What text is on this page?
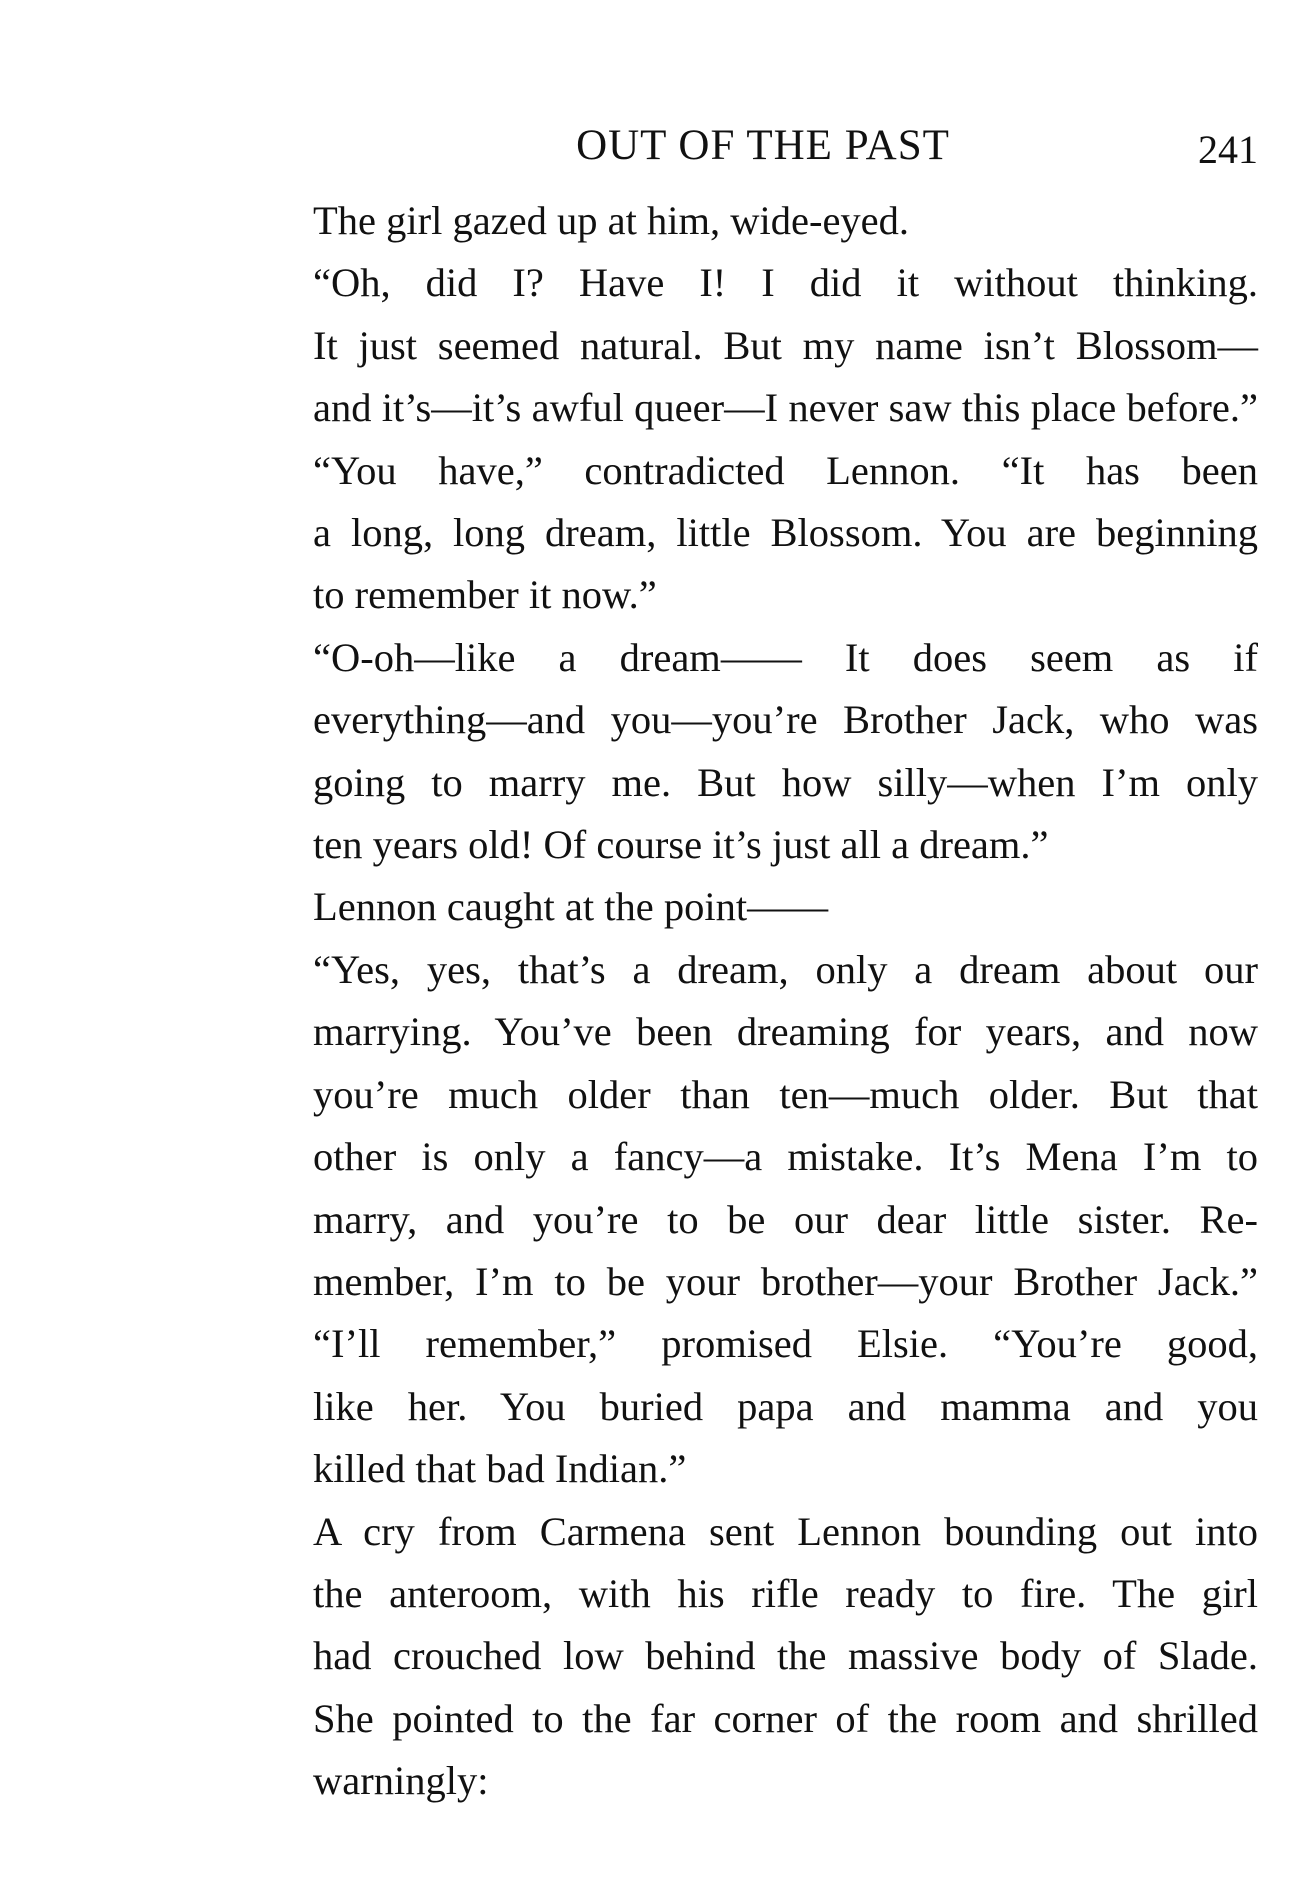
OUT OF THE PAST	241

The girl gazed up at him, wide-eyed.

“Oh, did I? Have I! I did it without thinking.
It just seemed natural. But my name isn’t Blossom—
and it’s—it’s awful queer—I never saw this place before.”

“You have,” contradicted Lennon. “It has been
a long, long dream, little Blossom. You are beginning
to remember it now.”

“O-oh—like a dream—— It does seem as if
everything—and you—you’re Brother Jack, who was
going to marry me. But how silly—when I’m only
ten years old! Of course it’s just all a dream.”

Lennon caught at the point——

“Yes, yes, that’s a dream, only a dream about our
marrying. You’ve been dreaming for years, and now
you’re much older than ten—much older. But that
other is only a fancy—a mistake. It’s Mena I’m to
marry, and you’re to be our dear little sister. Re-
member, I’m to be your brother—your Brother Jack.”

“I’ll remember,” promised Elsie. “You’re good,
like her. You buried papa and mamma and you
killed that bad Indian.”

A cry from Carmena sent Lennon bounding out into
the anteroom, with his rifle ready to fire. The girl
had crouched low behind the massive body of Slade.
She pointed to the far corner of the room and shrilled
warningly:
